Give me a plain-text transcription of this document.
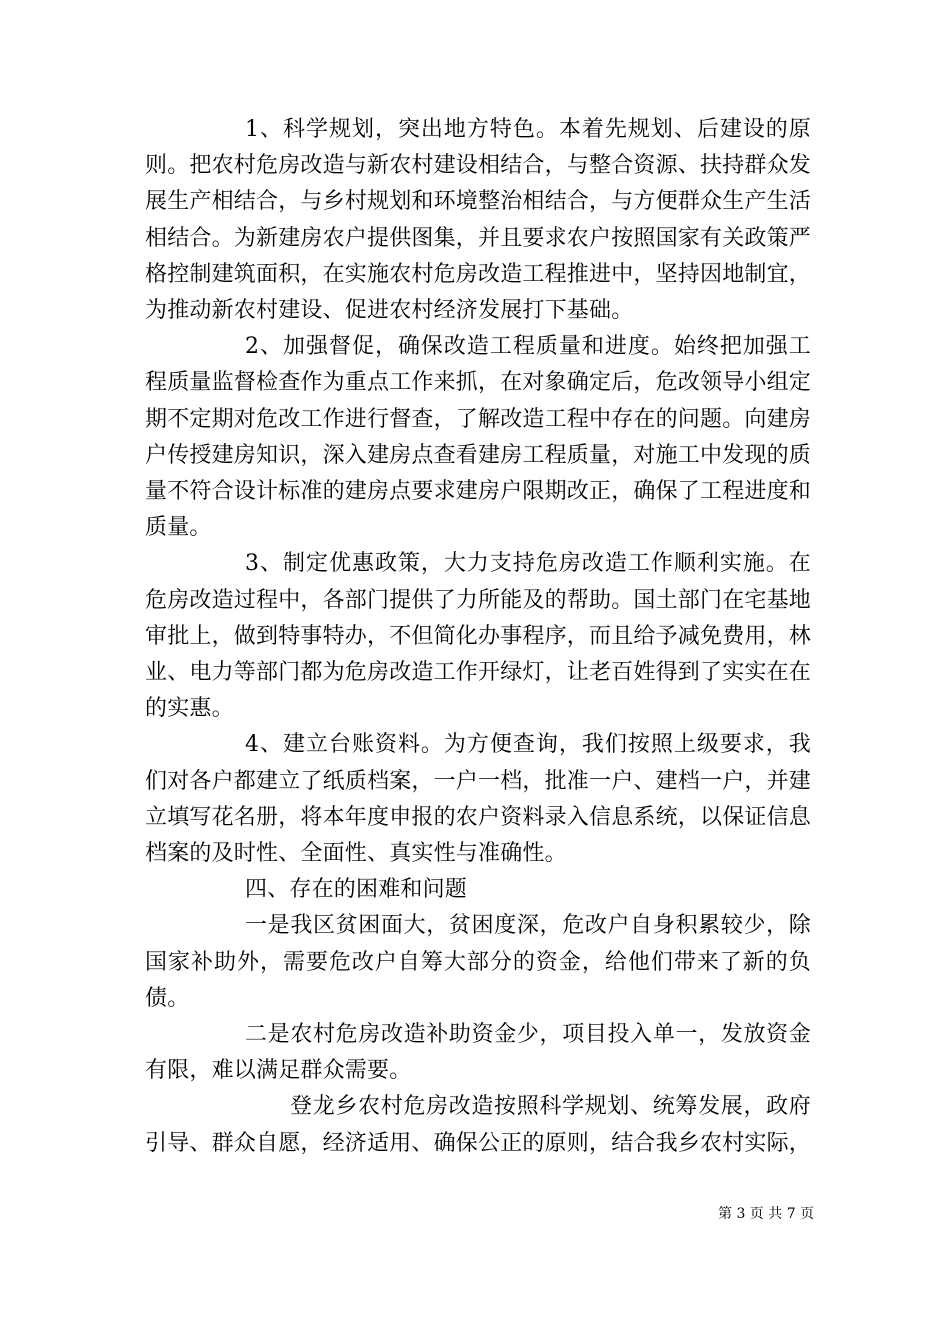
1、科学规划，突出地方特色。本着先规划、后建设的原则。把农村危房改造与新农村建设相结合，与整合资源、扶持群众发展生产相结合，与乡村规划和环境整治相结合，与方便群众生产生活相结合。为新建房农户提供图集，并且要求农户按照国家有关政策严格控制建筑面积，在实施农村危房改造工程推进中，坚持因地制宜，为推动新农村建设、促进农村经济发展打下基础。

2、加强督促，确保改造工程质量和进度。始终把加强工程质量监督检查作为重点工作来抓，在对象确定后，危改领导小组定期不定期对危改工作进行督查，了解改造工程中存在的问题。向建房户传授建房知识，深入建房点查看建房工程质量，对施工中发现的质量不符合设计标准的建房点要求建房户限期改正，确保了工程进度和质量。

3、制定优惠政策，大力支持危房改造工作顺利实施。在危房改造过程中，各部门提供了力所能及的帮助。国土部门在宅基地审批上，做到特事特办，不但简化办事程序，而且给予减免费用，林业、电力等部门都为危房改造工作开绿灯，让老百姓得到了实实在在的实惠。

4、建立台账资料。为方便查询，我们按照上级要求，我们对各户都建立了纸质档案，一户一档，批准一户、建档一户，并建立填写花名册，将本年度申报的农户资料录入信息系统，以保证信息档案的及时性、全面性、真实性与准确性。

四、存在的困难和问题

一是我区贫困面大，贫困度深，危改户自身积累较少，除国家补助外，需要危改户自筹大部分的资金，给他们带来了新的负债。

二是农村危房改造补助资金少，项目投入单一，发放资金有限，难以满足群众需要。

登龙乡农村危房改造按照科学规划、统筹发展，政府引导、群众自愿，经济适用、确保公正的原则，结合我乡农村实际，

第 3 页 共 7 页
